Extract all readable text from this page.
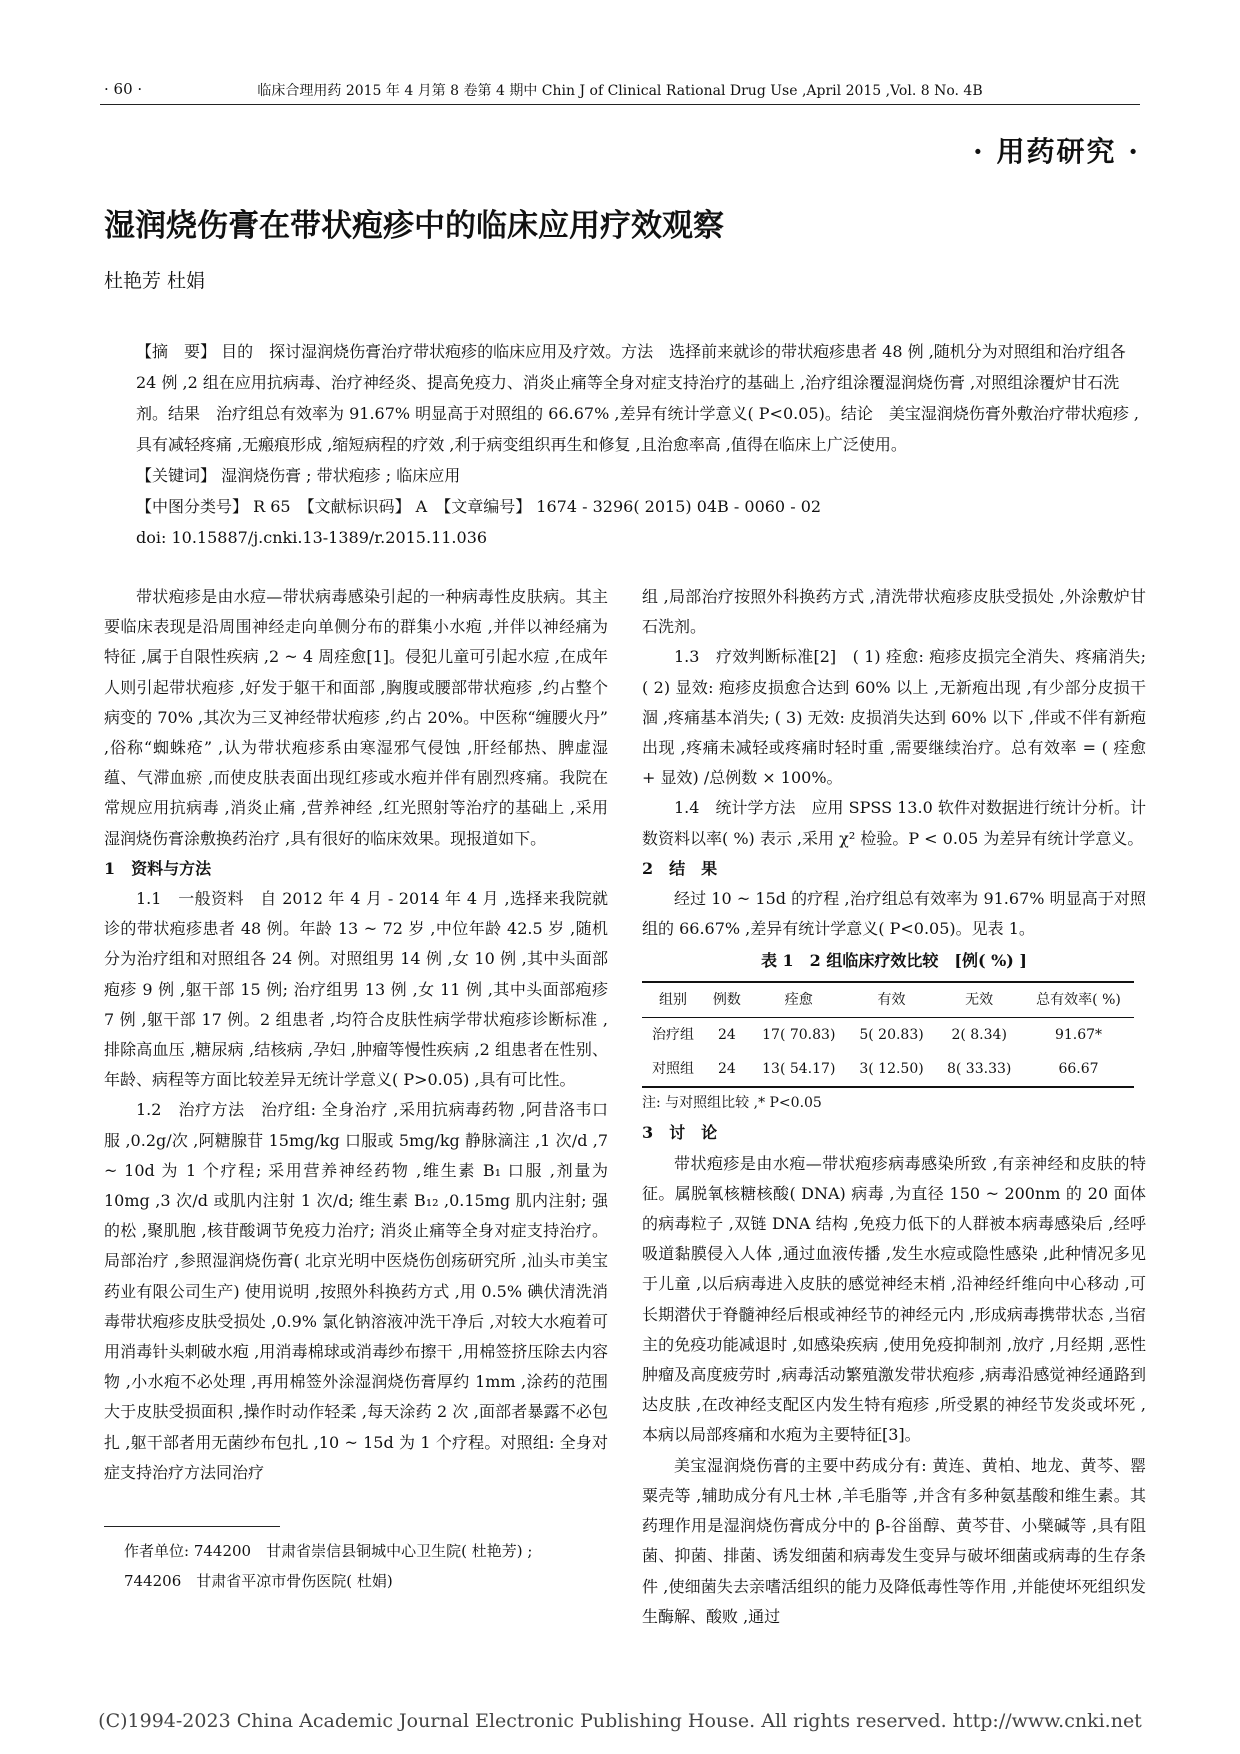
· 60 ·	临床合理用药 2015 年 4 月第 8 卷第 4 期中 Chin J of Clinical Rational Drug Use ,April 2015 ,Vol. 8 No. 4B
· 用药研究 ·
湿润烧伤膏在带状疱疹中的临床应用疗效观察
杜艳芳 杜娟

【摘　要】 目的　探讨湿润烧伤膏治疗带状疱疹的临床应用及疗效。方法　选择前来就诊的带状疱疹患者 48 例 ,随机分为对照组和治疗组各 24 例 ,2 组在应用抗病毒、治疗神经炎、提高免疫力、消炎止痛等全身对症支持治疗的基础上 ,治疗组涂覆湿润烧伤膏 ,对照组涂覆炉甘石洗剂。结果　治疗组总有效率为 91.67% 明显高于对照组的 66.67% ,差异有统计学意义( P<0.05)。结论　美宝湿润烧伤膏外敷治疗带状疱疹 ,具有减轻疼痛 ,无瘢痕形成 ,缩短病程的疗效 ,利于病变组织再生和修复 ,且治愈率高 ,值得在临床上广泛使用。

【关键词】 湿润烧伤膏 ; 带状疱疹 ; 临床应用

【中图分类号】 R 65　【文献标识码】 A　【文章编号】 1674 - 3296( 2015) 04B - 0060 - 02

doi: 10.15887/j.cnki.13-1389/r.2015.11.036

带状疱疹是由水痘—带状病毒感染引起的一种病毒性皮肤病。其主要临床表现是沿周围神经走向单侧分布的群集小水疱 ,并伴以神经痛为特征 ,属于自限性疾病 ,2 ~ 4 周痊愈[1]。侵犯儿童可引起水痘 ,在成年人则引起带状疱疹 ,好发于躯干和面部 ,胸腹或腰部带状疱疹 ,约占整个病变的 70% ,其次为三叉神经带状疱疹 ,约占 20%。中医称“缠腰火丹” ,俗称“蜘蛛疮” ,认为带状疱疹系由寒湿邪气侵蚀 ,肝经郁热、脾虚湿蕴、气滞血瘀 ,而使皮肤表面出现红疹或水疱并伴有剧烈疼痛。我院在常规应用抗病毒 ,消炎止痛 ,营养神经 ,红光照射等治疗的基础上 ,采用湿润烧伤膏涂敷换药治疗 ,具有很好的临床效果。现报道如下。

1　资料与方法

1.1　一般资料　自 2012 年 4 月 - 2014 年 4 月 ,选择来我院就诊的带状疱疹患者 48 例。年龄 13 ~ 72 岁 ,中位年龄 42.5 岁 ,随机分为治疗组和对照组各 24 例。对照组男 14 例 ,女 10 例 ,其中头面部疱疹 9 例 ,躯干部 15 例; 治疗组男 13 例 ,女 11 例 ,其中头面部疱疹 7 例 ,躯干部 17 例。2 组患者 ,均符合皮肤性病学带状疱疹诊断标准 ,排除高血压 ,糖尿病 ,结核病 ,孕妇 ,肿瘤等慢性疾病 ,2 组患者在性别、年龄、病程等方面比较差异无统计学意义( P>0.05) ,具有可比性。

1.2　治疗方法　治疗组: 全身治疗 ,采用抗病毒药物 ,阿昔洛韦口服 ,0.2g/次 ,阿糖腺苷 15mg/kg 口服或 5mg/kg 静脉滴注 ,1 次/d ,7 ~ 10d 为 1 个疗程; 采用营养神经药物 ,维生素 B₁ 口服 ,剂量为 10mg ,3 次/d 或肌内注射 1 次/d; 维生素 B₁₂ ,0.15mg 肌内注射; 强的松 ,聚肌胞 ,核苷酸调节免疫力治疗; 消炎止痛等全身对症支持治疗。局部治疗 ,参照湿润烧伤膏( 北京光明中医烧伤创疡研究所 ,汕头市美宝药业有限公司生产) 使用说明 ,按照外科换药方式 ,用 0.5% 碘伏清洗消毒带状疱疹皮肤受损处 ,0.9% 氯化钠溶液冲洗干净后 ,对较大水疱着可用消毒针头刺破水疱 ,用消毒棉球或消毒纱布擦干 ,用棉签挤压除去内容物 ,小水疱不必处理 ,再用棉签外涂湿润烧伤膏厚约 1mm ,涂药的范围大于皮肤受损面积 ,操作时动作轻柔 ,每天涂药 2 次 ,面部者暴露不必包扎 ,躯干部者用无菌纱布包扎 ,10 ~ 15d 为 1 个疗程。对照组: 全身对症支持治疗方法同治疗

组 ,局部治疗按照外科换药方式 ,清洗带状疱疹皮肤受损处 ,外涂敷炉甘石洗剂。

1.3　疗效判断标准[2]　( 1) 痊愈: 疱疹皮损完全消失、疼痛消失; ( 2) 显效: 疱疹皮损愈合达到 60% 以上 ,无新疱出现 ,有少部分皮损干涸 ,疼痛基本消失; ( 3) 无效: 皮损消失达到 60% 以下 ,伴或不伴有新疱出现 ,疼痛未减轻或疼痛时轻时重 ,需要继续治疗。总有效率 = ( 痊愈 + 显效) /总例数 × 100%。

1.4　统计学方法　应用 SPSS 13.0 软件对数据进行统计分析。计数资料以率( %) 表示 ,采用 χ² 检验。P < 0.05 为差异有统计学意义。

2　结　果

经过 10 ~ 15d 的疗程 ,治疗组总有效率为 91.67% 明显高于对照组的 66.67% ,差异有统计学意义( P<0.05)。见表 1。

表 1　2 组临床疗效比较　[例( %) ]
组别	例数	痊愈	有效	无效	总有效率( %)
治疗组	24	17( 70.83)	5( 20.83)	2( 8.34)	91.67*
对照组	24	13( 54.17)	3( 12.50)	8( 33.33)	66.67

注: 与对照组比较 ,* P<0.05

3　讨　论

带状疱疹是由水疱—带状疱疹病毒感染所致 ,有亲神经和皮肤的特征。属脱氧核糖核酸( DNA) 病毒 ,为直径 150 ~ 200nm 的 20 面体的病毒粒子 ,双链 DNA 结构 ,免疫力低下的人群被本病毒感染后 ,经呼吸道黏膜侵入人体 ,通过血液传播 ,发生水痘或隐性感染 ,此种情况多见于儿童 ,以后病毒进入皮肤的感觉神经末梢 ,沿神经纤维向中心移动 ,可长期潜伏于脊髓神经后根或神经节的神经元内 ,形成病毒携带状态 ,当宿主的免疫功能减退时 ,如感染疾病 ,使用免疫抑制剂 ,放疗 ,月经期 ,恶性肿瘤及高度疲劳时 ,病毒活动繁殖激发带状疱疹 ,病毒沿感觉神经通路到达皮肤 ,在改神经支配区内发生特有疱疹 ,所受累的神经节发炎或坏死 ,本病以局部疼痛和水疱为主要特征[3]。

美宝湿润烧伤膏的主要中药成分有: 黄连、黄柏、地龙、黄芩、罂粟壳等 ,辅助成分有凡士林 ,羊毛脂等 ,并含有多种氨基酸和维生素。其药理作用是湿润烧伤膏成分中的 β-谷甾醇、黄芩苷、小檗碱等 ,具有阻菌、抑菌、排菌、诱发细菌和病毒发生变异与破坏细菌或病毒的生存条件 ,使细菌失去亲嗜活组织的能力及降低毒性等作用 ,并能使坏死组织发生酶解、酸败 ,通过

作者单位: 744200　甘肃省崇信县铜城中心卫生院( 杜艳芳) ;
744206　甘肃省平凉市骨伤医院( 杜娟)
(C)1994-2023 China Academic Journal Electronic Publishing House. All rights reserved. http://www.cnki.net
